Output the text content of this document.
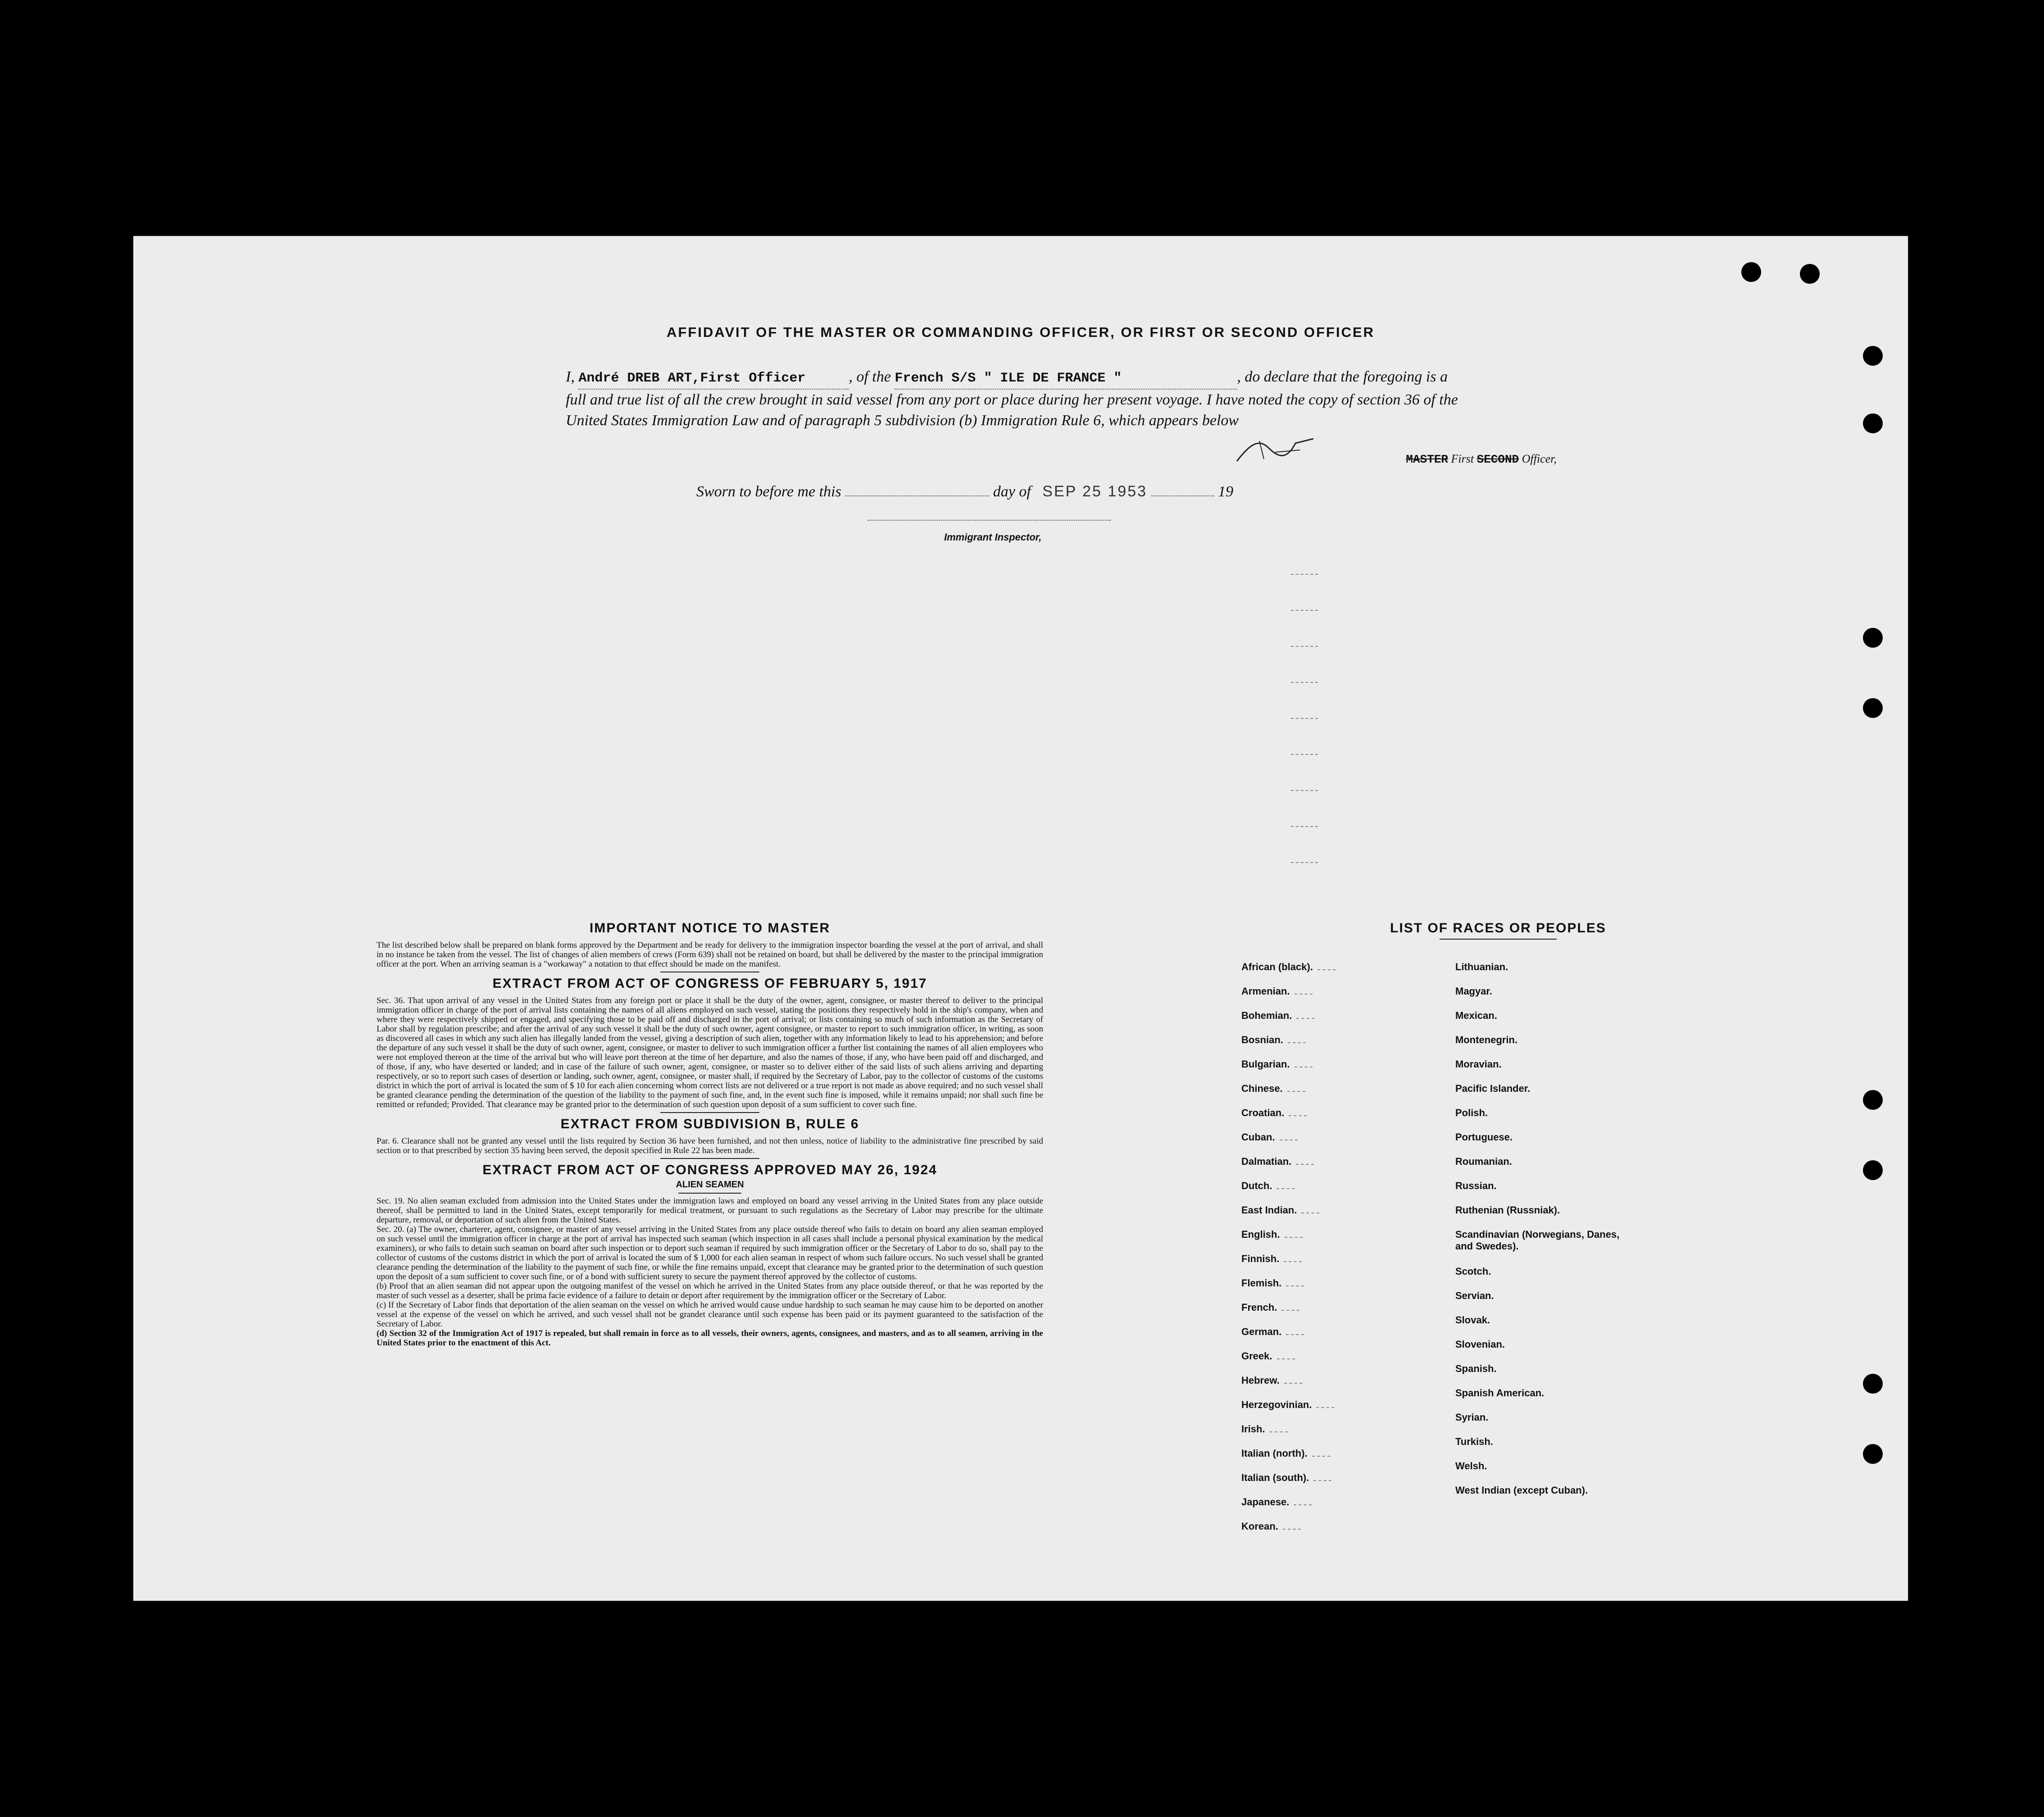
AFFIDAVIT OF THE MASTER OR COMMANDING OFFICER, OR FIRST OR SECOND OFFICER
I, André DREB ART,First Officer	, of the French S/S " ILE DE FRANCE "	, do declare that the foregoing is a full and true list of all the crew brought in said vessel from any port or place during her present voyage. I have noted the copy of section 36 of the United States Immigration Law and of paragraph 5 subdivision (b) Immigration Rule 6, which appears below
MASTER First SECOND Officer,
Sworn to before me this	day of SEP 25 1953	19
Immigrant Inspector,
IMPORTANT NOTICE TO MASTER
The list described below shall be prepared on blank forms approved by the Department and be ready for delivery to the immigration inspector boarding the vessel at the port of arrival, and shall in no instance be taken from the vessel. The list of changes of alien members of crews (Form 639) shall not be retained on board, but shall be delivered by the master to the principal immigration officer at the port. When an arriving seaman is a "workaway" a notation to that effect should be made on the manifest.
EXTRACT FROM ACT OF CONGRESS OF FEBRUARY 5, 1917
Sec. 36. That upon arrival of any vessel in the United States from any foreign port or place it shall be the duty of the owner, agent, consignee, or master thereof to deliver to the principal immigration officer in charge of the port of arrival lists containing the names of all aliens employed on such vessel, stating the positions they respectively hold in the ship's company, when and where they were respectively shipped or engaged, and specifying those to be paid off and discharged in the port of arrival; or lists containing so much of such information as the Secretary of Labor shall by regulation prescribe; and after the arrival of any such vessel it shall be the duty of such owner, agent consignee, or master to report to such immigration officer, in writing, as soon as discovered all cases in which any such alien has illegally landed from the vessel, giving a description of such alien, together with any information likely to lead to his apprehension; and before the departure of any such vessel it shall be the duty of such owner, agent, consignee, or master to deliver to such immigration officer a further list containing the names of all alien employees who were not employed thereon at the time of the arrival but who will leave port thereon at the time of her departure, and also the names of those, if any, who have been paid off and discharged, and of those, if any, who have deserted or landed; and in case of the failure of such owner, agent, consignee, or master so to deliver either of the said lists of such aliens arriving and departing respectively, or so to report such cases of desertion or landing, such owner, agent, consignee, or master shall, if required by the Secretary of Labor, pay to the collector of customs of the customs district in which the port of arrival is located the sum of $ 10 for each alien concerning whom correct lists are not delivered or a true report is not made as above required; and no such vessel shall be granted clearance pending the determination of the question of the liability to the payment of such fine, and, in the event such fine is imposed, while it remains unpaid; nor shall such fine be remitted or refunded; Provided. That clearance may be granted prior to the determination of such question upon deposit of a sum sufficient to cover such fine.
EXTRACT FROM SUBDIVISION B, RULE 6
Par. 6. Clearance shall not be granted any vessel until the lists required by Section 36 have been furnished, and not then unless, notice of liability to the administrative fine prescribed by said section or to that prescribed by section 35 having been served, the deposit specified in Rule 22 has been made.
EXTRACT FROM ACT OF CONGRESS APPROVED MAY 26, 1924
ALIEN SEAMEN
Sec. 19. No alien seaman excluded from admission into the United States under the immigration laws and employed on board any vessel arriving in the United States from any place outside thereof, shall be permitted to land in the United States, except temporarily for medical treatment, or pursuant to such regulations as the Secretary of Labor may prescribe for the ultimate departure, removal, or deportation of such alien from the United States.
Sec. 20. (a) The owner, charterer, agent, consignee, or master of any vessel arriving in the United States from any place outside thereof who fails to detain on board any alien seaman employed on such vessel until the immigration officer in charge at the port of arrival has inspected such seaman (which inspection in all cases shall include a personal physical examination by the medical examiners), or who fails to detain such seaman on board after such inspection or to deport such seaman if required by such immigration officer or the Secretary of Labor to do so, shall pay to the collector of customs of the customs district in which the port of arrival is located the sum of $ 1,000 for each alien seaman in respect of whom such failure occurs. No such vessel shall be granted clearance pending the determination of the liability to the payment of such fine, or while the fine remains unpaid, except that clearance may be granted prior to the determination of such question upon the deposit of a sum sufficient to cover such fine, or of a bond with sufficient surety to secure the payment thereof approved by the collector of customs.
(b) Proof that an alien seaman did not appear upon the outgoing manifest of the vessel on which he arrived in the United States from any place outside thereof, or that he was reported by the master of such vessel as a deserter, shall be prima facie evidence of a failure to detain or deport after requirement by the immigration officer or the Secretary of Labor.
(c) If the Secretary of Labor finds that deportation of the alien seaman on the vessel on which he arrived would cause undue hardship to such seaman he may cause him to be deported on another vessel at the expense of the vessel on which he arrived, and such vessel shall not be grandet clearance until such expense has been paid or its payment guaranteed to the satisfaction of the Secretary of Labor.
(d) Section 32 of the Immigration Act of 1917 is repealed, but shall remain in force as to all vessels, their owners, agents, consignees, and masters, and as to all seamen, arriving in the United States prior to the enactment of this Act.
LIST OF RACES OR PEOPLES
African (black).
Armenian.
Bohemian.
Bosnian.
Bulgarian.
Chinese.
Croatian.
Cuban.
Dalmatian.
Dutch.
East Indian.
English.
Finnish.
Flemish.
French.
German.
Greek.
Hebrew.
Herzegovinian.
Irish.
Italian (north).
Italian (south).
Japanese.
Korean.
Lithuanian.
Magyar.
Mexican.
Montenegrin.
Moravian.
Pacific Islander.
Polish.
Portuguese.
Roumanian.
Russian.
Ruthenian (Russniak).
Scandinavian (Norwegians, Danes, and Swedes).
Scotch.
Servian.
Slovak.
Slovenian.
Spanish.
Spanish American.
Syrian.
Turkish.
Welsh.
West Indian (except Cuban).
